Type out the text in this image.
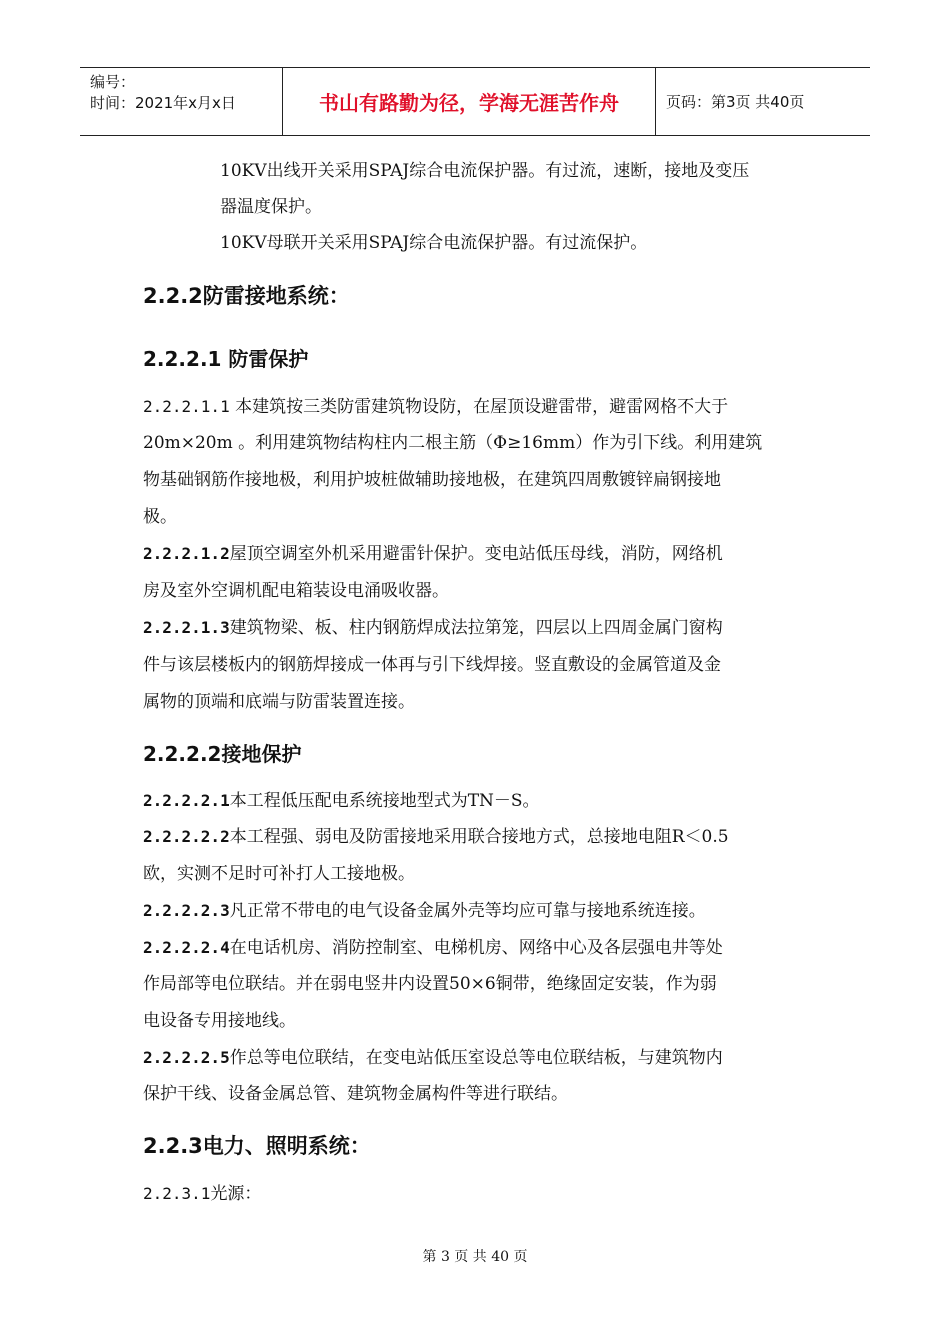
编号：
时间：2021年x月x日	书山有路勤为径，学海无涯苦作舟	页码：第3页 共40页
10KV出线开关采用SPAJ综合电流保护器。有过流，速断，接地及变压
器温度保护。
10KV母联开关采用SPAJ综合电流保护器。有过流保护。
2.2.2防雷接地系统：
2.2.2.1 防雷保护
2.2.2.1.1 本建筑按三类防雷建筑物设防，在屋顶设避雷带，避雷网格不大于
20m×20m 。利用建筑物结构柱内二根主筋（Φ≥16mm）作为引下线。利用建筑
物基础钢筋作接地极，利用护坡桩做辅助接地极，在建筑四周敷镀锌扁钢接地
极。
2.2.2.1.2屋顶空调室外机采用避雷针保护。变电站低压母线，消防，网络机
房及室外空调机配电箱装设电涌吸收器。
2.2.2.1.3建筑物梁、板、柱内钢筋焊成法拉第笼，四层以上四周金属门窗构
件与该层楼板内的钢筋焊接成一体再与引下线焊接。竖直敷设的金属管道及金
属物的顶端和底端与防雷装置连接。
2.2.2.2接地保护
2.2.2.2.1本工程低压配电系统接地型式为TN－S。
2.2.2.2.2本工程强、弱电及防雷接地采用联合接地方式，总接地电阻R＜0.5
欧，实测不足时可补打人工接地极。
2.2.2.2.3凡正常不带电的电气设备金属外壳等均应可靠与接地系统连接。
2.2.2.2.4在电话机房、消防控制室、电梯机房、网络中心及各层强电井等处
作局部等电位联结。并在弱电竖井内设置50×6铜带，绝缘固定安装，作为弱
电设备专用接地线。
2.2.2.2.5作总等电位联结，在变电站低压室设总等电位联结板，与建筑物内
保护干线、设备金属总管、建筑物金属构件等进行联结。
2.2.3电力、照明系统：
2.2.3.1光源：
第 3 页 共 40 页
